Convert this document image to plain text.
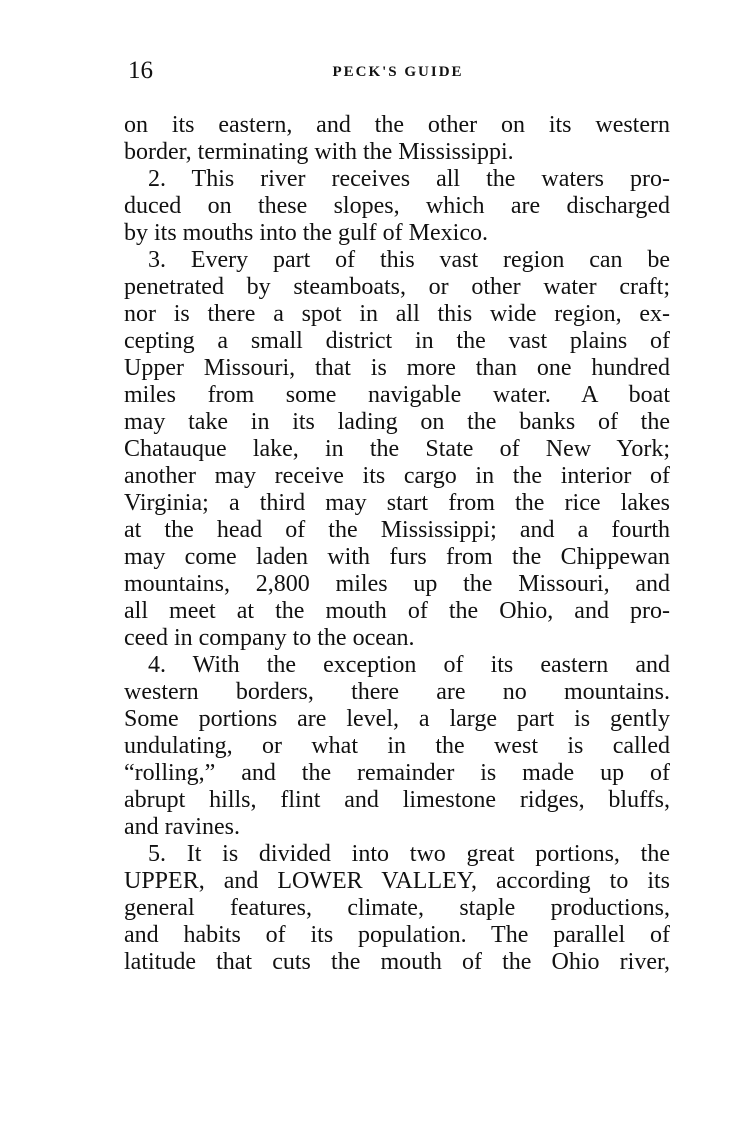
16	PECK'S GUIDE
on its eastern, and the other on its western
border, terminating with the Mississippi.
2. This river receives all the waters pro-
duced on these slopes, which are discharged
by its mouths into the gulf of Mexico.
3. Every part of this vast region can be
penetrated by steamboats, or other water craft;
nor is there a spot in all this wide region, ex-
cepting a small district in the vast plains of
Upper Missouri, that is more than one hundred
miles from some navigable water. A boat
may take in its lading on the banks of the
Chatauque lake, in the State of New York;
another may receive its cargo in the interior of
Virginia; a third may start from the rice lakes
at the head of the Mississippi; and a fourth
may come laden with furs from the Chippewan
mountains, 2,800 miles up the Missouri, and
all meet at the mouth of the Ohio, and pro-
ceed in company to the ocean.
4. With the exception of its eastern and
western borders, there are no mountains.
Some portions are level, a large part is gently
undulating, or what in the west is called
“rolling,” and the remainder is made up of
abrupt hills, flint and limestone ridges, bluffs,
and ravines.
5. It is divided into two great portions, the
UPPER, and LOWER VALLEY, according to its
general features, climate, staple productions,
and habits of its population. The parallel of
latitude that cuts the mouth of the Ohio river,
